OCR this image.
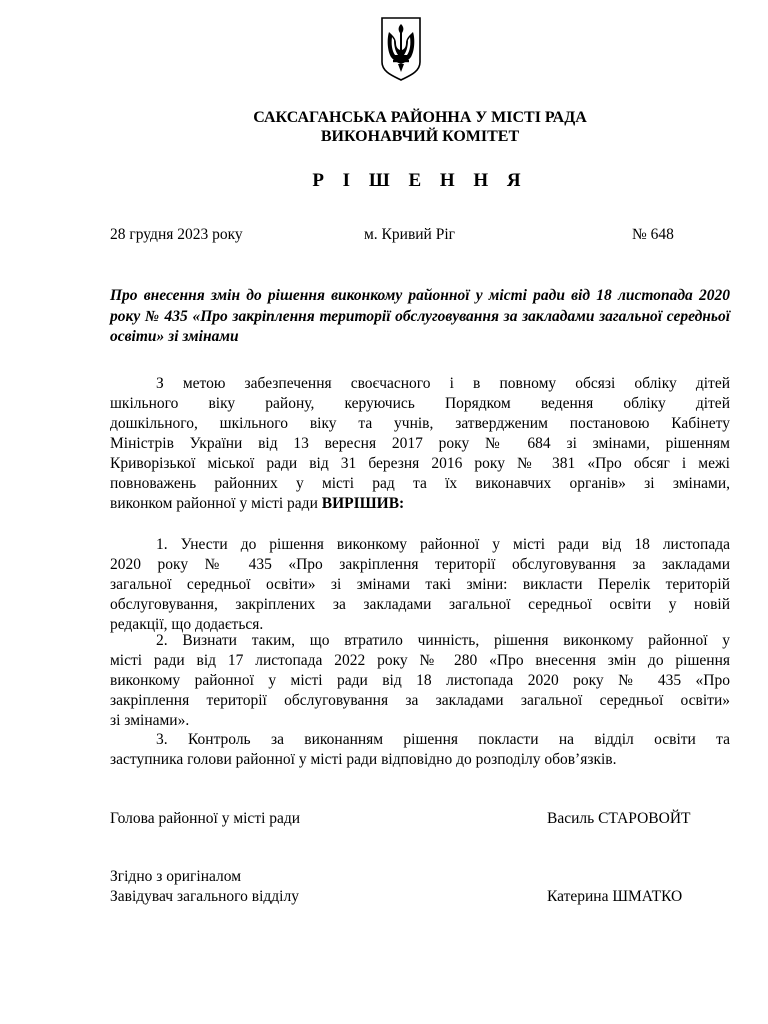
САКСАГАНСЬКА РАЙОННА У МІСТІ РАДА
ВИКОНАВЧИЙ КОМІТЕТ
Р І Ш Е Н Н Я
28 грудня 2023 року	м. Кривий Ріг	№ 648
Про внесення змін до рішення виконкому районної у місті ради від 18 листопада 2020 року № 435 «Про закріплення території обслуговування за закладами загальної середньої освіти» зі змінами
З метою забезпечення своєчасного і в повному обсязі обліку дітей
шкільного віку району, керуючись Порядком ведення обліку дітей
дошкільного, шкільного віку та учнів, затвердженим постановою Кабінету
Міністрів України від 13 вересня 2017 року № 684 зі змінами, рішенням
Криворізької міської ради від 31 березня 2016 року № 381 «Про обсяг і межі
повноважень районних у місті рад та їх виконавчих органів» зі змінами,
виконком районної у місті ради ВИРІШИВ:
1. Унести до рішення виконкому районної у місті ради від 18 листопада
2020 року № 435 «Про закріплення території обслуговування за закладами
загальної середньої освіти» зі змінами такі зміни: викласти Перелік територій
обслуговування, закріплених за закладами загальної середньої освіти у новій
редакції, що додається.
2. Визнати таким, що втратило чинність, рішення виконкому районної у
місті ради від 17 листопада 2022 року № 280 «Про внесення змін до рішення
виконкому районної у місті ради від 18 листопада 2020 року № 435 «Про
закріплення території обслуговування за закладами загальної середньої освіти»
зі змінами».
3. Контроль за виконанням рішення покласти на відділ освіти та
заступника голови районної у місті ради відповідно до розподілу обов’язків.
Голова районної у місті ради	Василь СТАРОВОЙТ
Згідно з оригіналом
Завідувач загального відділу	Катерина ШМАТКО
